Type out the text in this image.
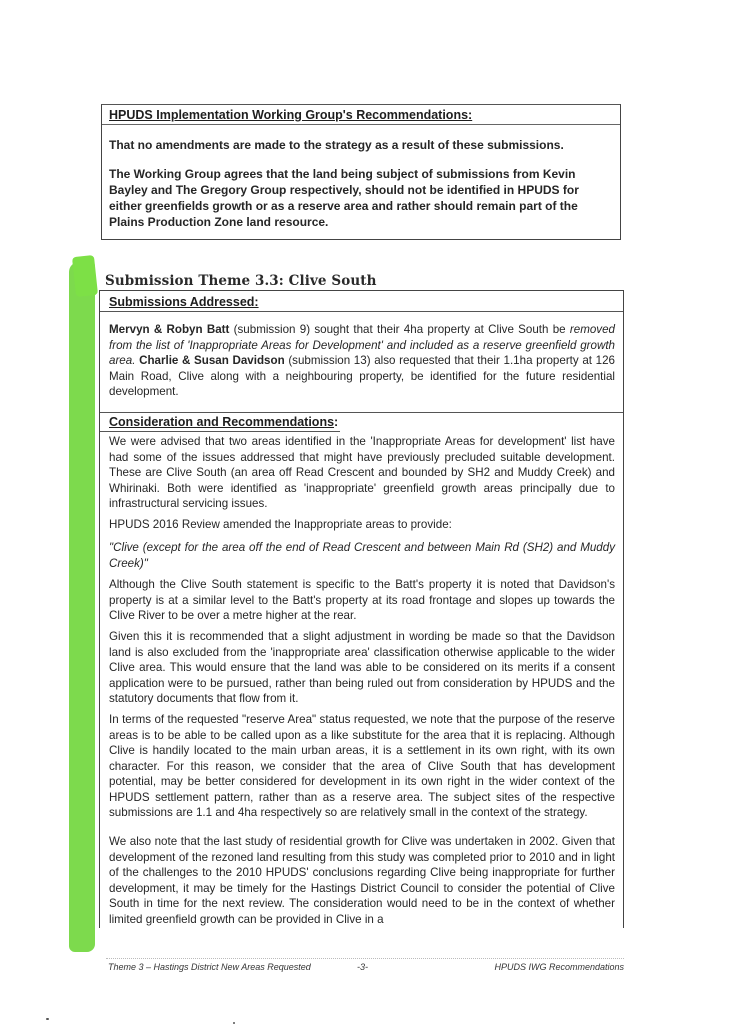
HPUDS Implementation Working Group's Recommendations:

That no amendments are made to the strategy as a result of these submissions.

The Working Group agrees that the land being subject of submissions from Kevin Bayley and The Gregory Group respectively, should not be identified in HPUDS for either greenfields growth or as a reserve area and rather should remain part of the Plains Production Zone land resource.

Submission Theme 3.3: Clive South
Submissions Addressed:

Mervyn & Robyn Batt (submission 9) sought that their 4ha property at Clive South be removed from the list of 'Inappropriate Areas for Development' and included as a reserve greenfield growth area. Charlie & Susan Davidson (submission 13) also requested that their 1.1ha property at 126 Main Road, Clive along with a neighbouring property, be identified for the future residential development.

Consideration and Recommendations:

We were advised that two areas identified in the 'Inappropriate Areas for development' list have had some of the issues addressed that might have previously precluded suitable development. These are Clive South (an area off Read Crescent and bounded by SH2 and Muddy Creek) and Whirinaki. Both were identified as 'inappropriate' greenfield growth areas principally due to infrastructural servicing issues.

HPUDS 2016 Review amended the Inappropriate areas to provide:

"Clive (except for the area off the end of Read Crescent and between Main Rd (SH2) and Muddy Creek)"

Although the Clive South statement is specific to the Batt's property it is noted that Davidson's property is at a similar level to the Batt's property at its road frontage and slopes up towards the Clive River to be over a metre higher at the rear.

Given this it is recommended that a slight adjustment in wording be made so that the Davidson land is also excluded from the 'inappropriate area' classification otherwise applicable to the wider Clive area. This would ensure that the land was able to be considered on its merits if a consent application were to be pursued, rather than being ruled out from consideration by HPUDS and the statutory documents that flow from it.

In terms of the requested "reserve Area" status requested, we note that the purpose of the reserve areas is to be able to be called upon as a like substitute for the area that it is replacing. Although Clive is handily located to the main urban areas, it is a settlement in its own right, with its own character. For this reason, we consider that the area of Clive South that has development potential, may be better considered for development in its own right in the wider context of the HPUDS settlement pattern, rather than as a reserve area. The subject sites of the respective submissions are 1.1 and 4ha respectively so are relatively small in the context of the strategy.

We also note that the last study of residential growth for Clive was undertaken in 2002. Given that development of the rezoned land resulting from this study was completed prior to 2010 and in light of the challenges to the 2010 HPUDS' conclusions regarding Clive being inappropriate for further development, it may be timely for the Hastings District Council to consider the potential of Clive South in time for the next review. The consideration would need to be in the context of whether limited greenfield growth can be provided in Clive in a

Theme 3 – Hastings District New Areas Requested	-3-	HPUDS IWG Recommendations
